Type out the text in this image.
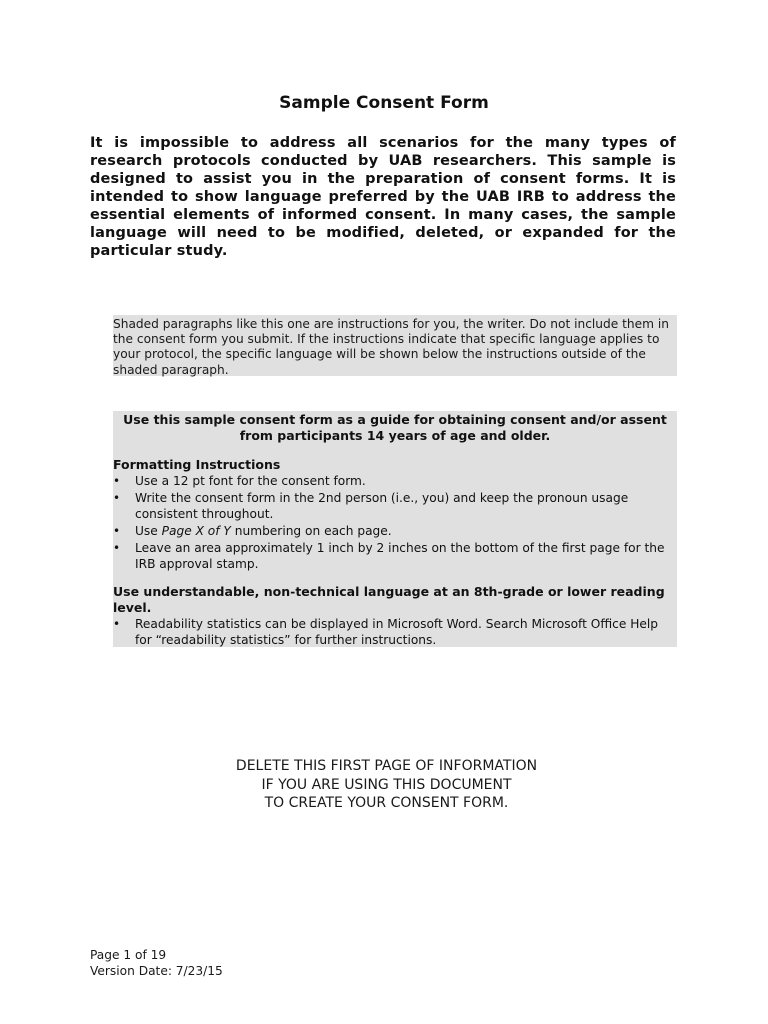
Sample Consent Form
It is impossible to address all scenarios for the many types of research protocols conducted by UAB researchers. This sample is designed to assist you in the preparation of consent forms. It is intended to show language preferred by the UAB IRB to address the essential elements of informed consent. In many cases, the sample language will need to be modified, deleted, or expanded for the particular study.

Shaded paragraphs like this one are instructions for you, the writer. Do not include them in the consent form you submit. If the instructions indicate that specific language applies to your protocol, the specific language will be shown below the instructions outside of the shaded paragraph.

Use this sample consent form as a guide for obtaining consent and/or assent from participants 14 years of age and older.
Formatting Instructions
• Use a 12 pt font for the consent form.
• Write the consent form in the 2nd person (i.e., you) and keep the pronoun usage consistent throughout.
• Use Page X of Y numbering on each page.
• Leave an area approximately 1 inch by 2 inches on the bottom of the first page for the IRB approval stamp.
Use understandable, non-technical language at an 8th-grade or lower reading level.
• Readability statistics can be displayed in Microsoft Word. Search Microsoft Office Help for “readability statistics” for further instructions.
DELETE THIS FIRST PAGE OF INFORMATION
IF YOU ARE USING THIS DOCUMENT
TO CREATE YOUR CONSENT FORM.
Page 1 of 19
Version Date: 7/23/15
